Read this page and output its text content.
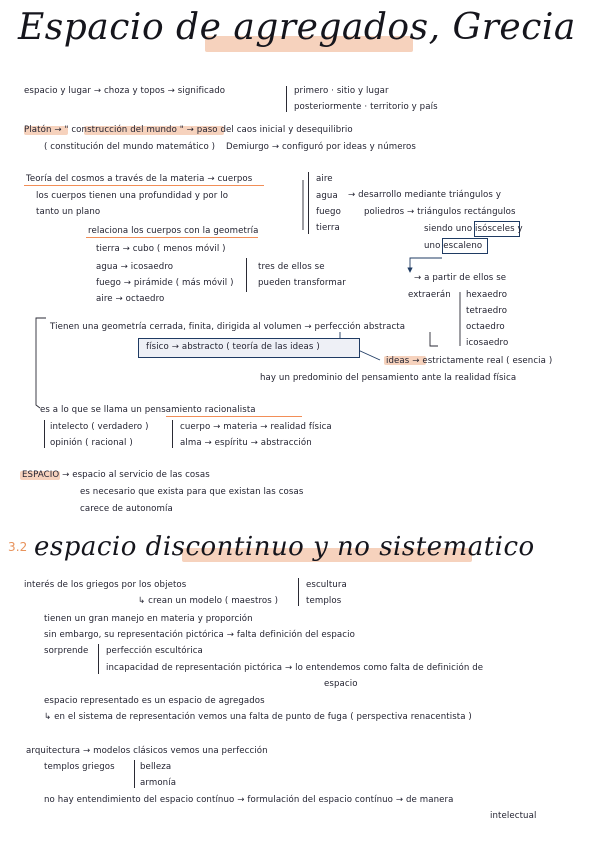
Espacio de agregados, Grecia
3.2 espacio discontinuo y no sistematico
espacio y lugar → choza y topos → significado	primero · sitio y lugar
posteriormente · territorio y país
Platón → " construcción del mundo " → paso del caos inicial y desequilibrio
( constitución del mundo matemático ) Demiurgo → configuró por ideas y números
Teoría del cosmos a través de la materia → cuerpos
los cuerpos tienen una profundidad y por lo
tanto un plano
aire
agua
fuego
tierra
→ desarrollo mediante triángulos y
poliedros → triángulos rectángulos
siendo uno isósceles y
uno escaleno
relaciona los cuerpos con la geometría
tierra → cubo ( menos móvil )
agua → icosaedro
fuego → pirámide ( más móvil )
aire → octaedro
tres de ellos se
pueden transformar	→ a partir de ellos se
extraerán hexaedro
tetraedro
octaedro
icosaedro
Tienen una geometría cerrada, finita, dirigida al volumen → perfección abstracta
físico → abstracto ( teoría de las ideas )
ideas → estrictamente real ( esencia )
hay un predominio del pensamiento ante la realidad física
es a lo que se llama un pensamiento racionalista
intelecto ( verdadero )
opinión ( racional )
cuerpo → materia → realidad física
alma → espíritu → abstracción
ESPACIO → espacio al servicio de las cosas
es necesario que exista para que existan las cosas
carece de autonomía
interés de los griegos por los objetos
↳ crean un modelo ( maestros )
escultura
templos
tienen un gran manejo en materia y proporción
sin embargo, su representación pictórica → falta definición del espacio
sorprende perfección escultórica
incapacidad de representación pictórica → lo entendemos como falta de definición de
espacio
espacio representado es un espacio de agregados
↳ en el sistema de representación vemos una falta de punto de fuga ( perspectiva renacentista )
arquitectura → modelos clásicos vemos una perfección
templos griegos	belleza
armonía
no hay entendimiento del espacio contínuo → formulación del espacio contínuo → de manera
intelectual
